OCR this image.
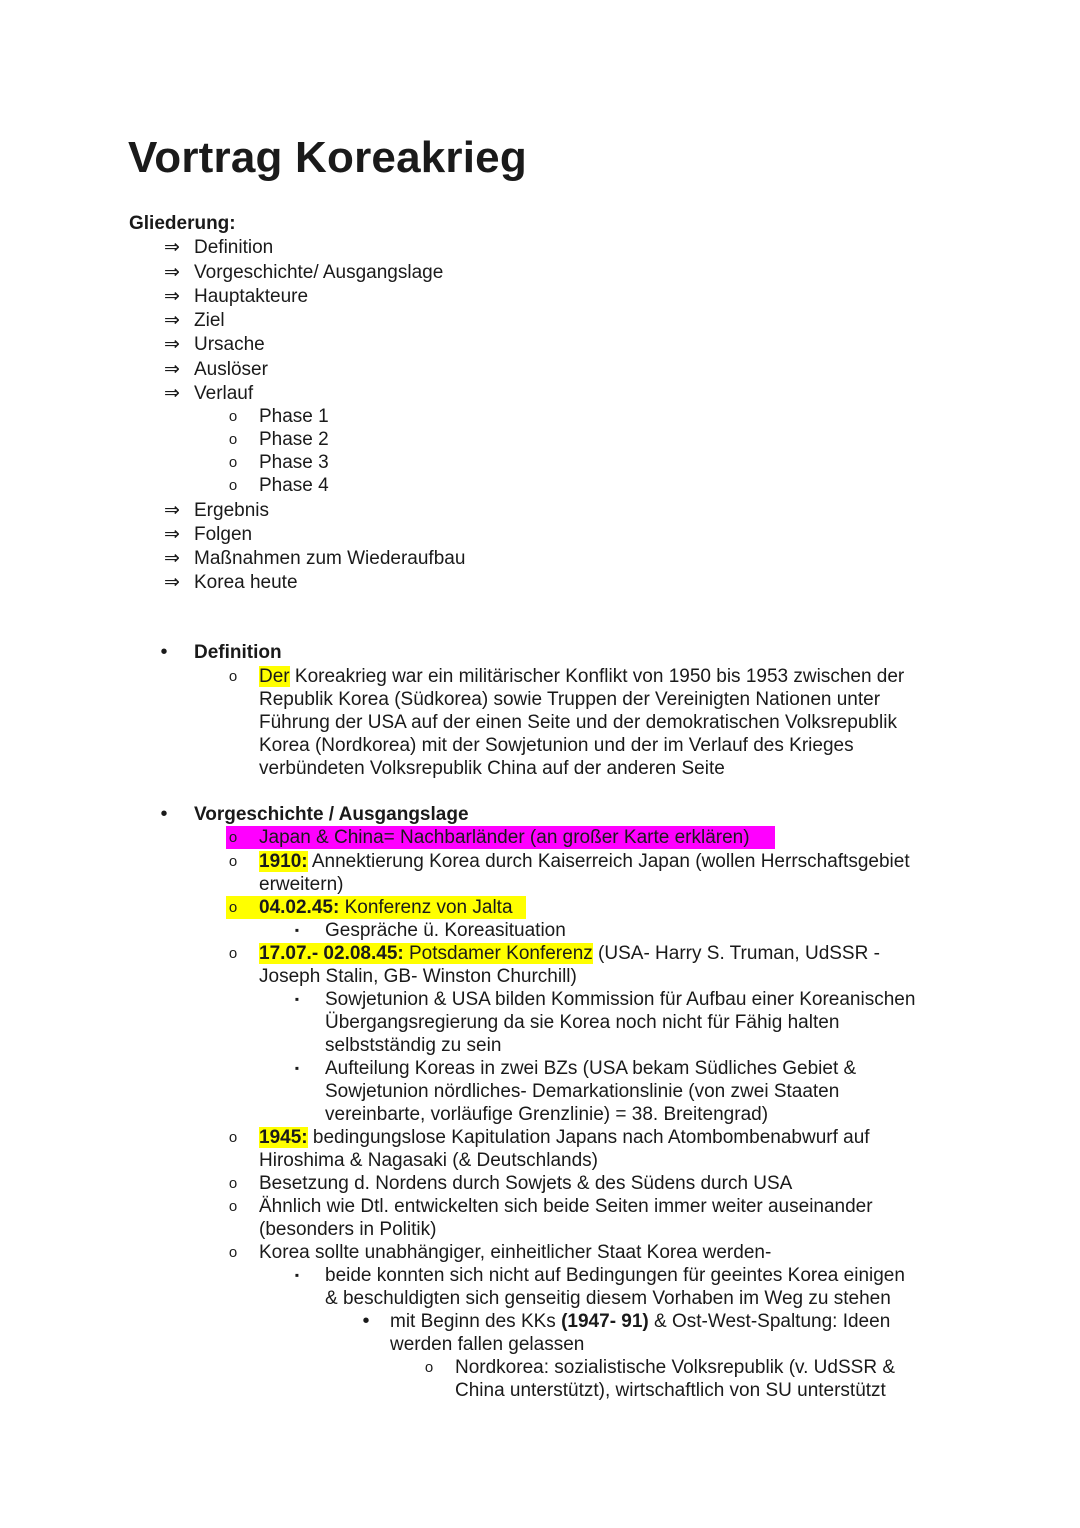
Vortrag Koreakrieg
Gliederung:
⇒ Definition
⇒ Vorgeschichte/ Ausgangslage
⇒ Hauptakteure
⇒ Ziel
⇒ Ursache
⇒ Auslöser
⇒ Verlauf
o Phase 1
o Phase 2
o Phase 3
o Phase 4
⇒ Ergebnis
⇒ Folgen
⇒ Maßnahmen zum Wiederaufbau
⇒ Korea heute
• Definition
o Der Koreakrieg war ein militärischer Konflikt von 1950 bis 1953 zwischen der
Republik Korea (Südkorea) sowie Truppen der Vereinigten Nationen unter
Führung der USA auf der einen Seite und der demokratischen Volksrepublik
Korea (Nordkorea) mit der Sowjetunion und der im Verlauf des Krieges
verbündeten Volksrepublik China auf der anderen Seite
• Vorgeschichte / Ausgangslage
o Japan & China= Nachbarländer (an großer Karte erklären)
o 1910: Annektierung Korea durch Kaiserreich Japan (wollen Herrschaftsgebiet
erweitern)
o 04.02.45: Konferenz von Jalta
▪ Gespräche ü. Koreasituation
o 17.07.- 02.08.45: Potsdamer Konferenz (USA- Harry S. Truman, UdSSR -
Joseph Stalin, GB- Winston Churchill)
▪ Sowjetunion & USA bilden Kommission für Aufbau einer Koreanischen
Übergangsregierung da sie Korea noch nicht für Fähig halten
selbstständig zu sein
▪ Aufteilung Koreas in zwei BZs (USA bekam Südliches Gebiet &
Sowjetunion nördliches- Demarkationslinie (von zwei Staaten
vereinbarte, vorläufige Grenzlinie) = 38. Breitengrad)
o 1945: bedingungslose Kapitulation Japans nach Atombombenabwurf auf
Hiroshima & Nagasaki (& Deutschlands)
o Besetzung d. Nordens durch Sowjets & des Südens durch USA
o Ähnlich wie Dtl. entwickelten sich beide Seiten immer weiter auseinander
(besonders in Politik)
o Korea sollte unabhängiger, einheitlicher Staat Korea werden-
▪ beide konnten sich nicht auf Bedingungen für geeintes Korea einigen
& beschuldigten sich genseitig diesem Vorhaben im Weg zu stehen
• mit Beginn des KKs (1947- 91) & Ost-West-Spaltung: Ideen
werden fallen gelassen
o Nordkorea: sozialistische Volksrepublik (v. UdSSR &
China unterstützt), wirtschaftlich von SU unterstützt
